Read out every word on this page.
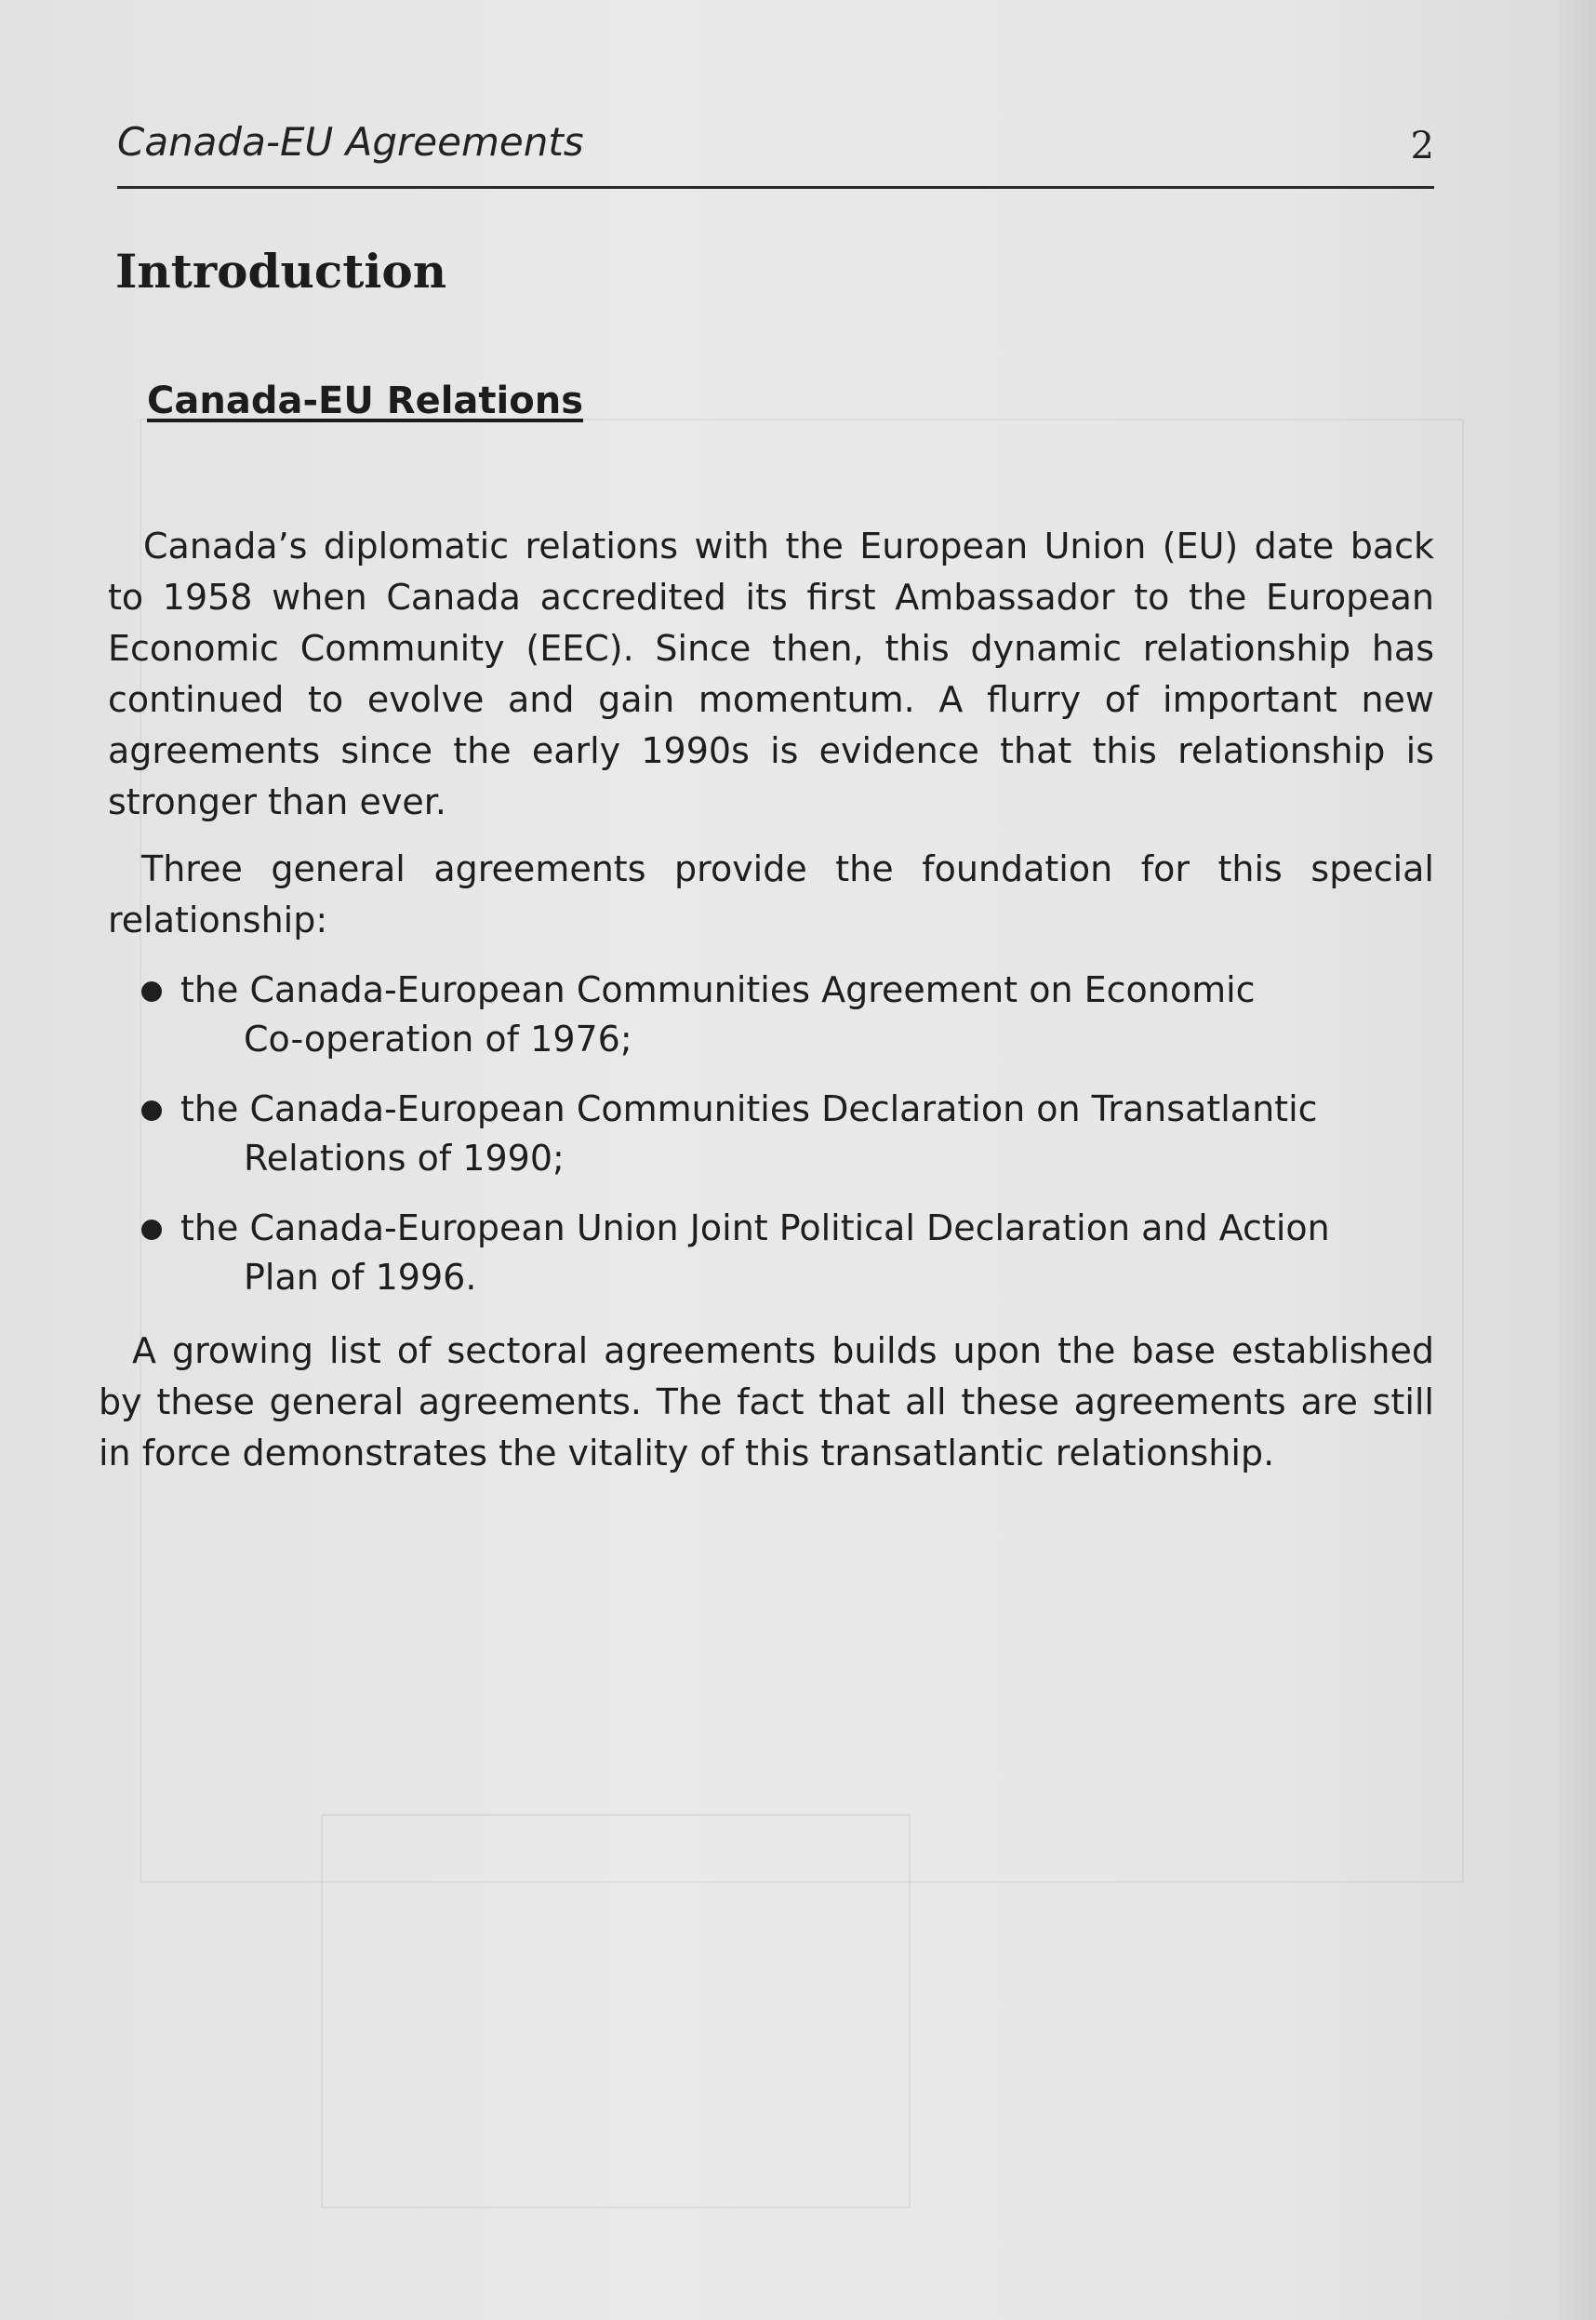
Canada-EU Agreements	2
Introduction
Canada-EU Relations

Canada’s diplomatic relations with the European Union (EU) date back to 1958 when Canada accredited its first Ambassador to the European Economic Community (EEC). Since then, this dynamic relationship has continued to evolve and gain momentum. A flurry of important new agreements since the early 1990s is evidence that this relationship is stronger than ever.

Three general agreements provide the foundation for this special relationship:

the Canada-European Communities Agreement on Economic
Co-operation of 1976;
the Canada-European Communities Declaration on Transatlantic
Relations of 1990;
the Canada-European Union Joint Political Declaration and Action
Plan of 1996.

A growing list of sectoral agreements builds upon the base established by these general agreements. The fact that all these agreements are still in force demonstrates the vitality of this transatlantic relationship.
